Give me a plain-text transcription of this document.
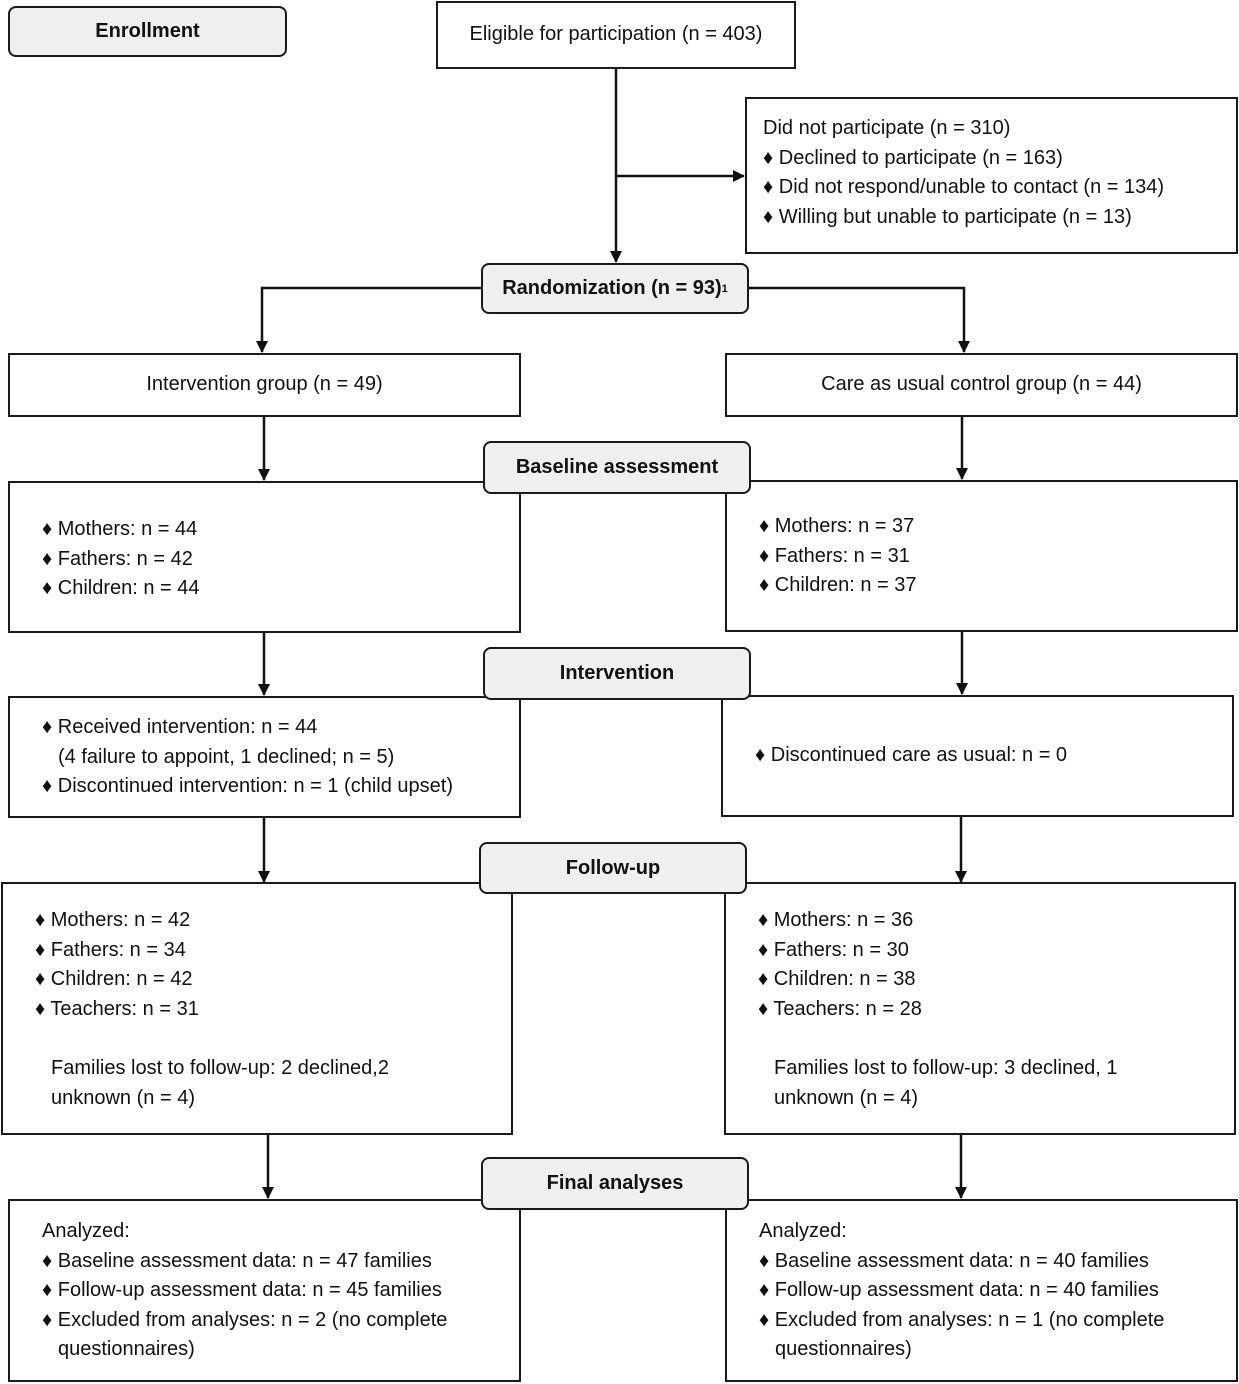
Enrollment	Eligible for participation (n = 403)
Did not participate (n = 310)
♦ Declined to participate (n = 163)
♦ Did not respond/unable to contact (n = 134)
♦ Willing but unable to participate (n = 13)
Randomization (n = 93) 1
Intervention group (n = 49)	Care as usual control group (n = 44)
♦ Mothers: n = 44
♦ Fathers: n = 42
♦ Children: n = 44
♦ Mothers: n = 37
♦ Fathers: n = 31
♦ Children: n = 37
Baseline assessment
♦ Received intervention: n = 44
(4 failure to appoint, 1 declined; n = 5)
♦ Discontinued intervention: n = 1 (child upset)
♦ Discontinued care as usual: n = 0
Intervention
♦ Mothers: n = 42
♦ Fathers: n = 34
♦ Children: n = 42
♦ Teachers: n = 31
Families lost to follow-up: 2 declined,2
unknown (n = 4)
♦ Mothers: n = 36
♦ Fathers: n = 30
♦ Children: n = 38
♦ Teachers: n = 28
Families lost to follow-up: 3 declined, 1
unknown (n = 4)
Follow-up
Analyzed:
♦ Baseline assessment data: n = 47 families
♦ Follow-up assessment data: n = 45 families
♦ Excluded from analyses: n = 2 (no complete
questionnaires)
Analyzed:
♦ Baseline assessment data: n = 40 families
♦ Follow-up assessment data: n = 40 families
♦ Excluded from analyses: n = 1 (no complete
questionnaires)
Final analyses
